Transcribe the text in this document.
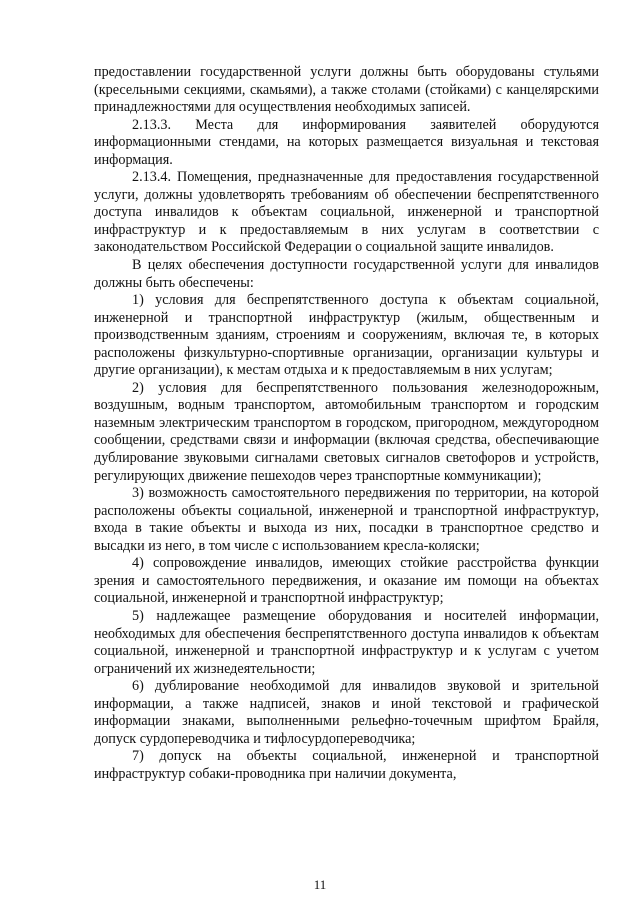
предоставлении государственной услуги должны быть оборудованы стульями (кресельными секциями, скамьями), а также столами (стойками) с канцелярскими принадлежностями для осуществления необходимых записей.

2.13.3. Места для информирования заявителей оборудуются информационными стендами, на которых размещается визуальная и текстовая информация.

2.13.4. Помещения, предназначенные для предоставления государственной услуги, должны удовлетворять требованиям об обеспечении беспрепятственного доступа инвалидов к объектам социальной, инженерной и транспортной инфраструктур и к предоставляемым в них услугам в соответствии с законодательством Российской Федерации о социальной защите инвалидов.

В целях обеспечения доступности государственной услуги для инвалидов должны быть обеспечены:

1) условия для беспрепятственного доступа к объектам социальной, инженерной и транспортной инфраструктур (жилым, общественным и производственным зданиям, строениям и сооружениям, включая те, в которых расположены физкультурно-спортивные организации, организации культуры и другие организации), к местам отдыха и к предоставляемым в них услугам;

2) условия для беспрепятственного пользования железнодорожным, воздушным, водным транспортом, автомобильным транспортом и городским наземным электрическим транспортом в городском, пригородном, междугородном сообщении, средствами связи и информации (включая средства, обеспечивающие дублирование звуковыми сигналами световых сигналов светофоров и устройств, регулирующих движение пешеходов через транспортные коммуникации);

3) возможность самостоятельного передвижения по территории, на которой расположены объекты социальной, инженерной и транспортной инфраструктур, входа в такие объекты и выхода из них, посадки в транспортное средство и высадки из него, в том числе с использованием кресла-коляски;

4) сопровождение инвалидов, имеющих стойкие расстройства функции зрения и самостоятельного передвижения, и оказание им помощи на объектах социальной, инженерной и транспортной инфраструктур;

5) надлежащее размещение оборудования и носителей информации, необходимых для обеспечения беспрепятственного доступа инвалидов к объектам социальной, инженерной и транспортной инфраструктур и к услугам с учетом ограничений их жизнедеятельности;

6) дублирование необходимой для инвалидов звуковой и зрительной информации, а также надписей, знаков и иной текстовой и графической информации знаками, выполненными рельефно-точечным шрифтом Брайля, допуск сурдопереводчика и тифлосурдопереводчика;

7) допуск на объекты социальной, инженерной и транспортной инфраструктур собаки-проводника при наличии документа,

11
